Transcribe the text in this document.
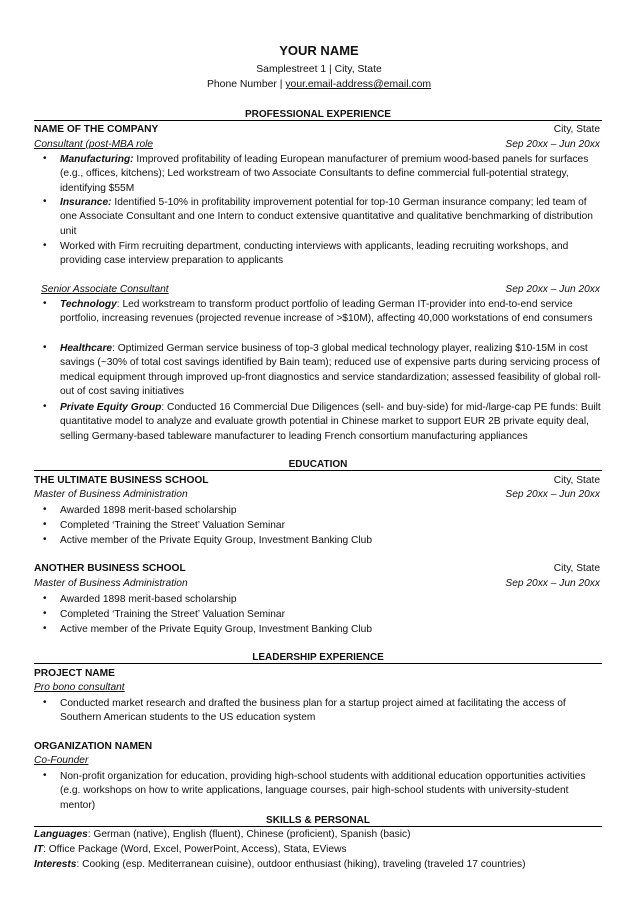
YOUR NAME
Samplestreet 1 | City, State
Phone Number | your.email-address@email.com
PROFESSIONAL EXPERIENCE
NAME OF THE COMPANY	City, State
Consultant (post-MBA role	Sep 20xx – Jun 20xx
• Manufacturing: Improved profitability of leading European manufacturer of premium wood-based panels for surfaces (e.g., offices, kitchens); Led workstream of two Associate Consultants to define commercial full-potential strategy, identifying $55M
• Insurance: Identified 5-10% in profitability improvement potential for top-10 German insurance company; led team of one Associate Consultant and one Intern to conduct extensive quantitative and qualitative benchmarking of distribution unit
• Worked with Firm recruiting department, conducting interviews with applicants, leading recruiting workshops, and providing case interview preparation to applicants
Senior Associate Consultant	Sep 20xx – Jun 20xx
• Technology: Led workstream to transform product portfolio of leading German IT-provider into end-to-end service portfolio, increasing revenues (projected revenue increase of >$10M), affecting 40,000 workstations of end consumers
• Healthcare: Optimized German service business of top-3 global medical technology player, realizing $10-15M in cost savings (~30% of total cost savings identified by Bain team); reduced use of expensive parts during servicing process of medical equipment through improved up-front diagnostics and service standardization; assessed feasibility of global roll-out of cost saving initiatives
• Private Equity Group: Conducted 16 Commercial Due Diligences (sell- and buy-side) for mid-/large-cap PE funds: Built quantitative model to analyze and evaluate growth potential in Chinese market to support EUR 2B private equity deal, selling Germany-based tableware manufacturer to leading French consortium manufacturing appliances
EDUCATION
THE ULTIMATE BUSINESS SCHOOL	City, State
Master of Business Administration	Sep 20xx – Jun 20xx
• Awarded 1898 merit-based scholarship
• Completed ‘Training the Street’ Valuation Seminar
• Active member of the Private Equity Group, Investment Banking Club
ANOTHER BUSINESS SCHOOL	City, State
Master of Business Administration	Sep 20xx – Jun 20xx
• Awarded 1898 merit-based scholarship
• Completed ‘Training the Street’ Valuation Seminar
• Active member of the Private Equity Group, Investment Banking Club
LEADERSHIP EXPERIENCE
PROJECT NAME
Pro bono consultant
• Conducted market research and drafted the business plan for a startup project aimed at facilitating the access of Southern American students to the US education system
ORGANIZATION NAMEN
Co-Founder
• Non-profit organization for education, providing high-school students with additional education opportunities activities (e.g. workshops on how to write applications, language courses, pair high-school students with university-student mentor)
SKILLS & PERSONAL
Languages: German (native), English (fluent), Chinese (proficient), Spanish (basic)
IT: Office Package (Word, Excel, PowerPoint, Access), Stata, EViews
Interests: Cooking (esp. Mediterranean cuisine), outdoor enthusiast (hiking), traveling (traveled 17 countries)
